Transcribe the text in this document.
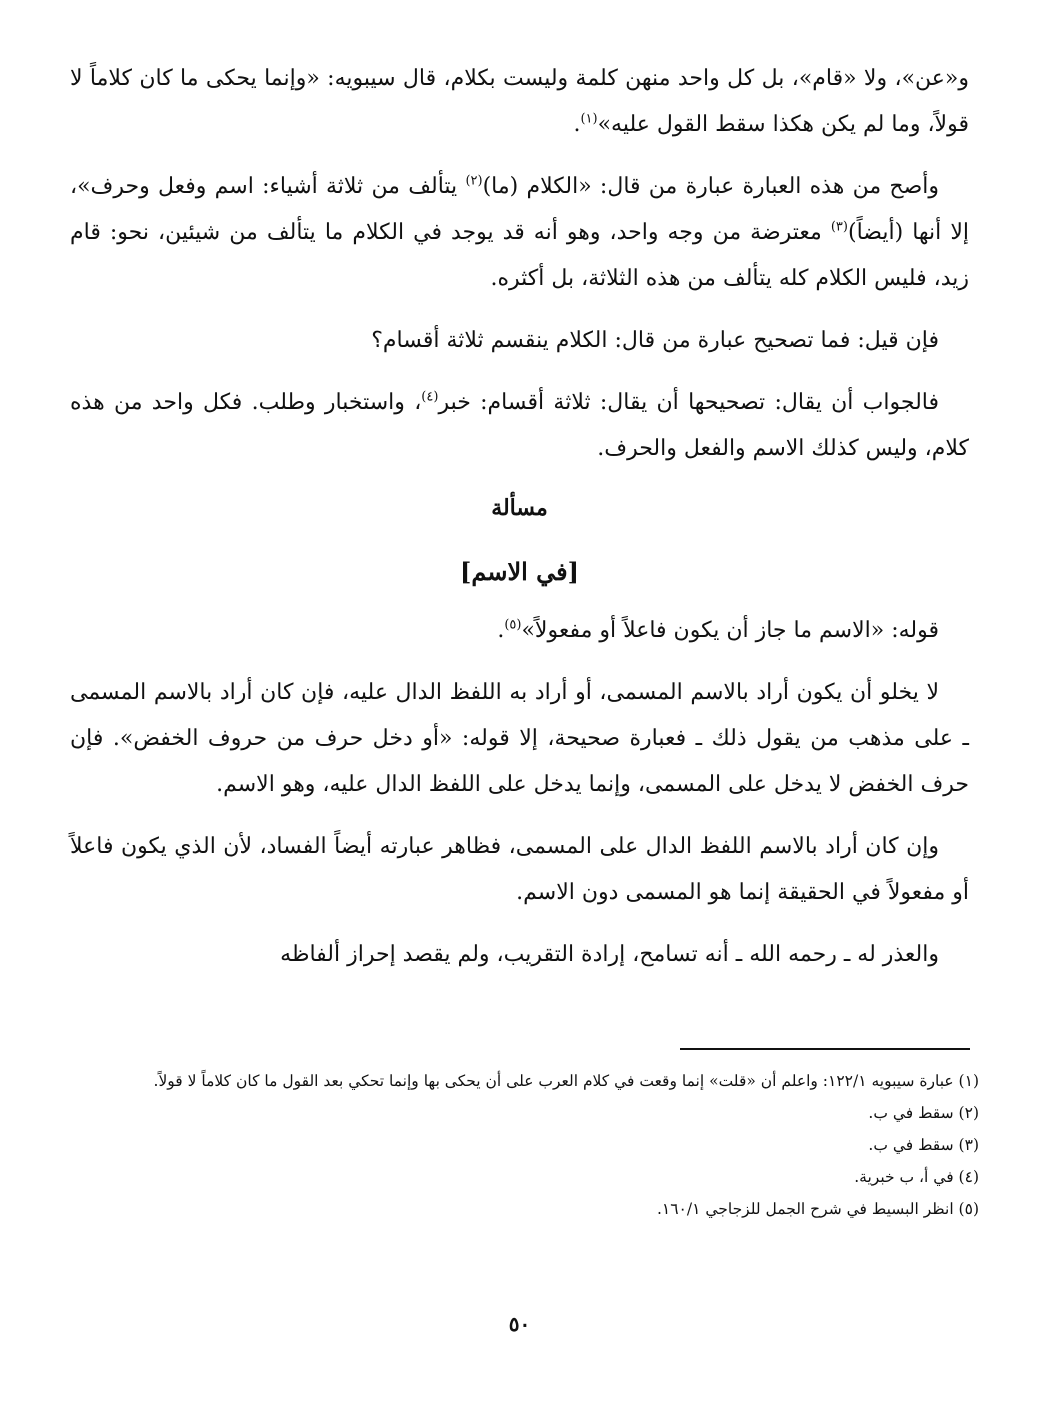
و«عن»، ولا «قام»، بل كل واحد منهن كلمة وليست بكلام، قال سيبويه: «وإنما يحكى ما كان كلاماً لا قولاً، وما لم يكن هكذا سقط القول عليه»$^{(١)}$.

وأصح من هذه العبارة عبارة من قال: «الكلام (ما)$^{(٢)}$ يتألف من ثلاثة أشياء: اسم وفعل وحرف»، إلا أنها (أيضاً)$^{(٣)}$ معترضة من وجه واحد، وهو أنه قد يوجد في الكلام ما يتألف من شيئين، نحو: قام زيد، فليس الكلام كله يتألف من هذه الثلاثة، بل أكثره.

فإن قيل: فما تصحيح عبارة من قال: الكلام ينقسم ثلاثة أقسام؟

فالجواب أن يقال: تصحيحها أن يقال: ثلاثة أقسام: خبر$^{(٤)}$، واستخبار وطلب. فكل واحد من هذه كلام، وليس كذلك الاسم والفعل والحرف.

مسألة
[في الاسم]

قوله: «الاسم ما جاز أن يكون فاعلاً أو مفعولاً»$^{(٥)}$.

لا يخلو أن يكون أراد بالاسم المسمى، أو أراد به اللفظ الدال عليه، فإن كان أراد بالاسم المسمى ـ على مذهب من يقول ذلك ـ فعبارة صحيحة، إلا قوله: «أو دخل حرف من حروف الخفض». فإن حرف الخفض لا يدخل على المسمى، وإنما يدخل على اللفظ الدال عليه، وهو الاسم.

وإن كان أراد بالاسم اللفظ الدال على المسمى، فظاهر عبارته أيضاً الفساد، لأن الذي يكون فاعلاً أو مفعولاً في الحقيقة إنما هو المسمى دون الاسم.

والعذر له ـ رحمه الله ـ أنه تسامح، إرادة التقريب، ولم يقصد إحراز ألفاظه

(١) عبارة سيبويه ١٢٢/١: واعلم أن «قلت» إنما وقعت في كلام العرب على أن يحكى بها وإنما تحكي بعد القول ما كان كلاماً لا قولاً.

(٢) سقط في ب.

(٣) سقط في ب.

(٤) في أ، ب خبرية.

(٥) انظر البسيط في شرح الجمل للزجاجي ١٦٠/١.

٥٠
